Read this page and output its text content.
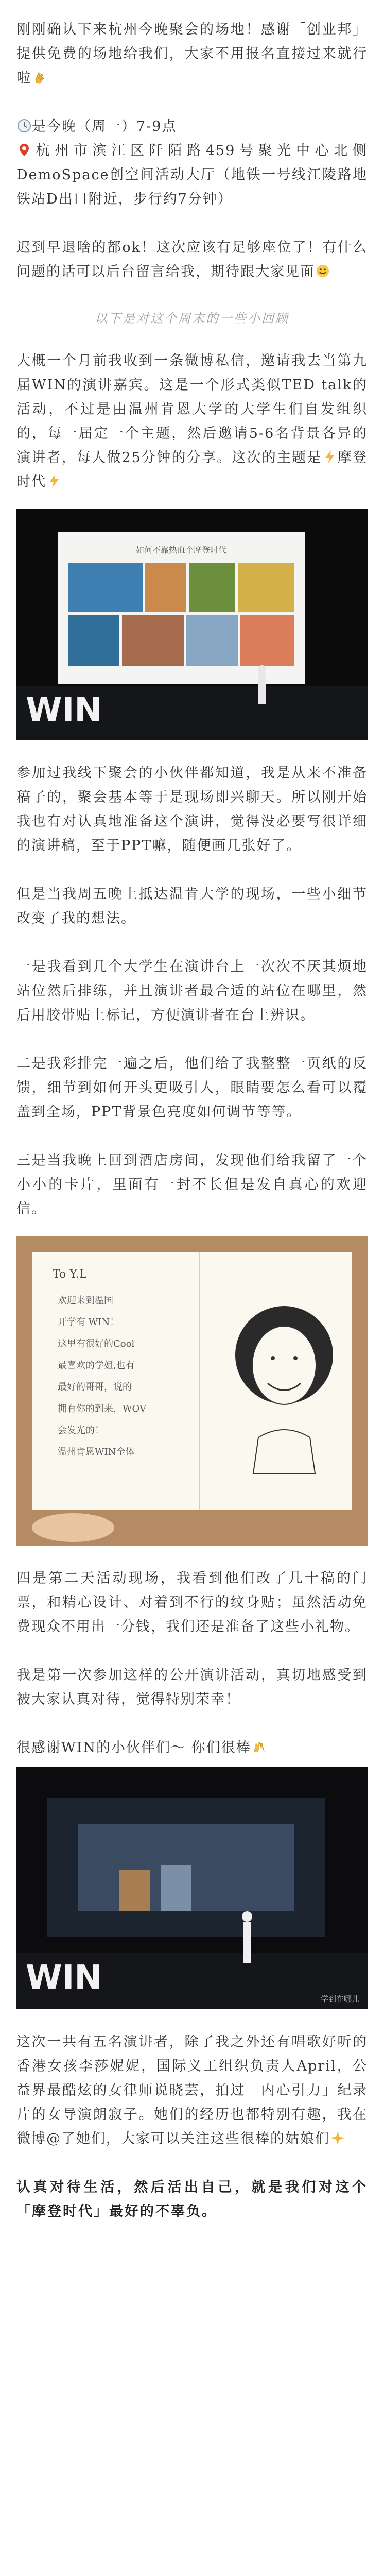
刚刚确认下来杭州今晚聚会的场地！感谢「创业邦」提供免费的场地给我们，大家不用报名直接过来就行啦

是今晚（周一）7-9点

杭州市滨江区阡陌路459号聚光中心北侧DemoSpace创空间活动大厅（地铁一号线江陵路地铁站D出口附近，步行约7分钟）

迟到早退啥的都ok！这次应该有足够座位了！有什么问题的话可以后台留言给我，期待跟大家见面

以下是对这个周末的一些小回顾

大概一个月前我收到一条微博私信，邀请我去当第九届WIN的演讲嘉宾。这是一个形式类似TED talk的活动，不过是由温州肯恩大学的大学生们自发组织的，每一届定一个主题，然后邀请5-6名背景各异的演讲者，每人做25分钟的分享。这次的主题是 摩登时代

如何不靠热血个摩登时代
WIN

参加过我线下聚会的小伙伴都知道，我是从来不准备稿子的，聚会基本等于是现场即兴聊天。所以刚开始我也有对认真地准备这个演讲，觉得没必要写很详细的演讲稿，至于PPT嘛，随便画几张好了。

但是当我周五晚上抵达温肯大学的现场，一些小细节改变了我的想法。

一是我看到几个大学生在演讲台上一次次不厌其烦地站位然后排练，并且演讲者最合适的站位在哪里，然后用胶带贴上标记，方便演讲者在台上辨识。

二是我彩排完一遍之后，他们给了我整整一页纸的反馈，细节到如何开头更吸引人，眼睛要怎么看可以覆盖到全场，PPT背景色亮度如何调节等等。

三是当我晚上回到酒店房间，发现他们给我留了一个小小的卡片，里面有一封不长但是发自真心的欢迎信。

To Y.L
欢迎来到温国
开学有 WIN！
这里有很好的Cool
最喜欢的学姐,也有
最好的哥哥，说的
拥有你的到来，WOV
会发光的！
温州肯恩WIN全体

四是第二天活动现场，我看到他们改了几十稿的门票，和精心设计、对着到不行的纹身贴；虽然活动免费现众不用出一分钱，我们还是准备了这些小礼物。

我是第一次参加这样的公开演讲活动，真切地感受到被大家认真对待，觉得特别荣幸！

很感谢WIN的小伙伴们～ 你们很棒

WIN
学到在哪儿

这次一共有五名演讲者，除了我之外还有唱歌好听的香港女孩李莎妮妮，国际义工组织负责人April，公益界最酷炫的女律师说晓芸，拍过「内心引力」纪录片的女导演朗寂子。她们的经历也都特别有趣，我在微博@了她们，大家可以关注这些很棒的姑娘们

认真对待生活，然后活出自己，就是我们对这个「摩登时代」最好的不辜负。
